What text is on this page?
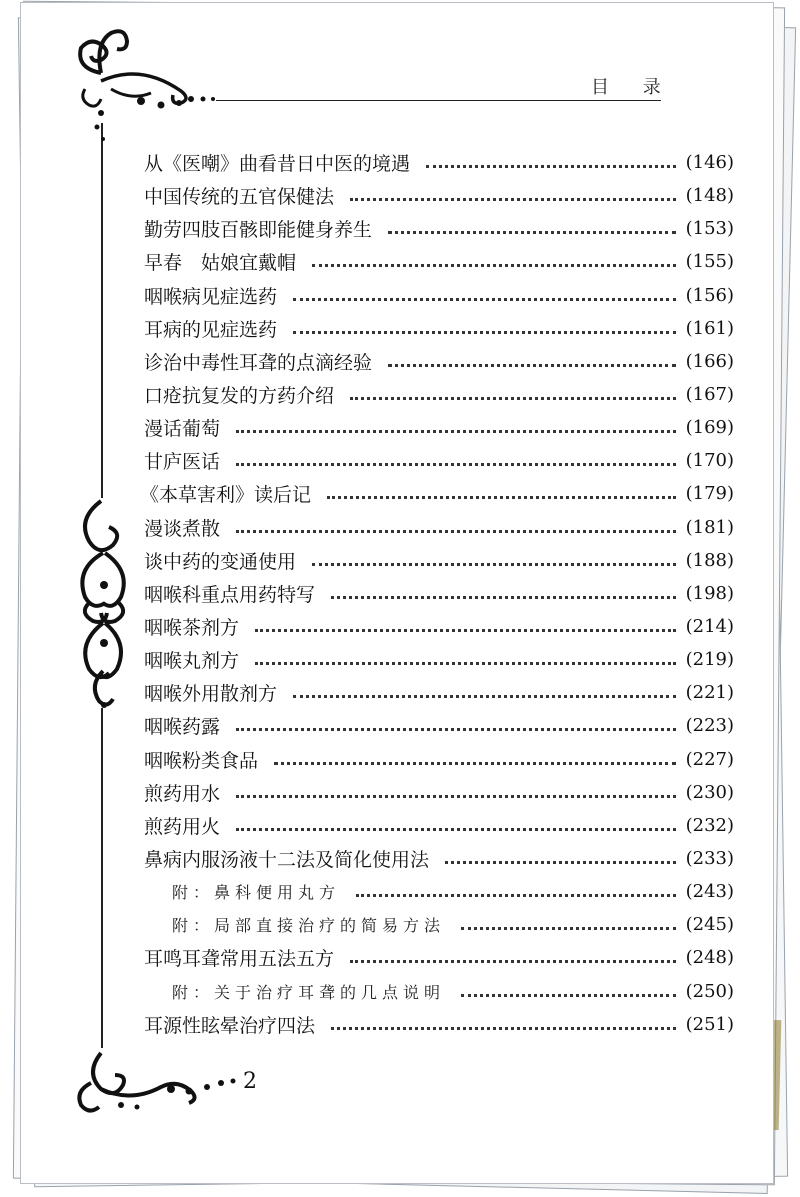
目 录
从《医嘲》曲看昔日中医的境遇	(146)
中国传统的五官保健法	(148)
勤劳四肢百骸即能健身养生	(153)
早春　姑娘宜戴帽	(155)
咽喉病见症选药	(156)
耳病的见症选药	(161)
诊治中毒性耳聋的点滴经验	(166)
口疮抗复发的方药介绍	(167)
漫话葡萄	(169)
甘庐医话	(170)
《本草害利》读后记	(179)
漫谈煮散	(181)
谈中药的变通使用	(188)
咽喉科重点用药特写	(198)
咽喉茶剂方	(214)
咽喉丸剂方	(219)
咽喉外用散剂方	(221)
咽喉药露	(223)
咽喉粉类食品	(227)
煎药用水	(230)
煎药用火	(232)
鼻病内服汤液十二法及简化使用法	(233)
附：鼻科便用丸方	(243)
附：局部直接治疗的简易方法	(245)
耳鸣耳聋常用五法五方	(248)
附：关于治疗耳聋的几点说明	(250)
耳源性眩晕治疗四法	(251)
2
